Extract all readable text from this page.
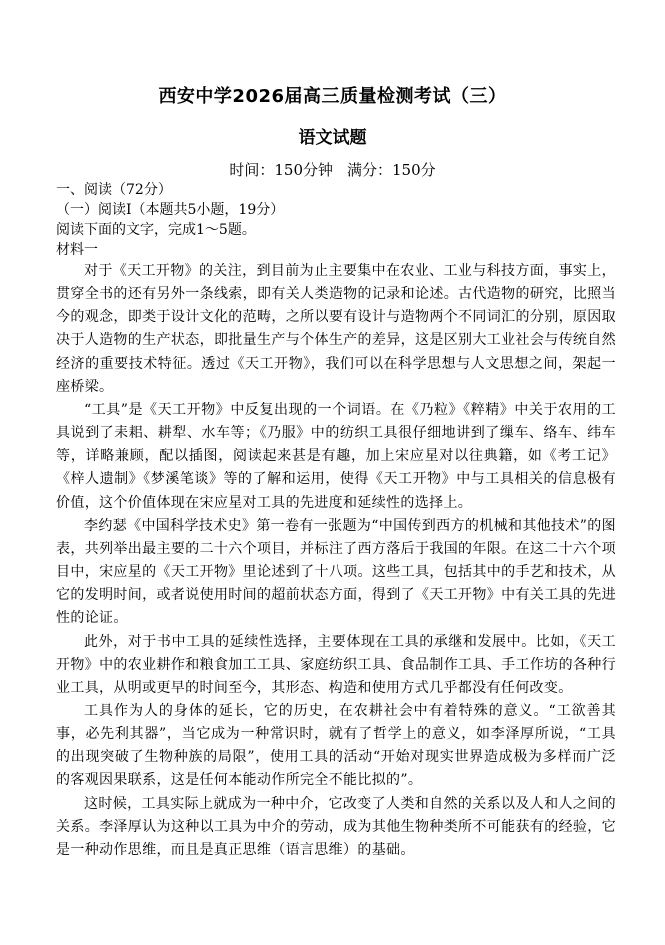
西安中学2026届高三质量检测考试（三）
语文试题
时间：150分钟 满分：150分
一、阅读（72分）
（一）阅读Ⅰ（本题共5小题，19分）
阅读下面的文字，完成1～5题。
材料一

对于《天工开物》的关注，到目前为止主要集中在农业、工业与科技方面，事实上，贯穿全书的还有另外一条线索，即有关人类造物的记录和论述。古代造物的研究，比照当今的观念，即类于设计文化的范畴，之所以要有设计与造物两个不同词汇的分别，原因取决于人造物的生产状态，即批量生产与个体生产的差异，这是区别大工业社会与传统自然经济的重要技术特征。透过《天工开物》，我们可以在科学思想与人文思想之间，架起一座桥梁。

“工具”是《天工开物》中反复出现的一个词语。在《乃粒》《粹精》中关于农用的工具说到了耒耜、耕犁、水车等；《乃服》中的纺织工具很仔细地讲到了缫车、络车、纬车等，详略兼顾，配以插图，阅读起来甚是有趣，加上宋应星对以往典籍，如《考工记》《梓人遗制》《梦溪笔谈》等的了解和运用，使得《天工开物》中与工具相关的信息极有价值，这个价值体现在宋应星对工具的先进度和延续性的选择上。

李约瑟《中国科学技术史》第一卷有一张题为“中国传到西方的机械和其他技术”的图表，共列举出最主要的二十六个项目，并标注了西方落后于我国的年限。在这二十六个项目中，宋应星的《天工开物》里论述到了十八项。这些工具，包括其中的手艺和技术，从它的发明时间，或者说使用时间的超前状态方面，得到了《天工开物》中有关工具的先进性的论证。

此外，对于书中工具的延续性选择，主要体现在工具的承继和发展中。比如，《天工开物》中的农业耕作和粮食加工工具、家庭纺织工具、食品制作工具、手工作坊的各种行业工具，从明或更早的时间至今，其形态、构造和使用方式几乎都没有任何改变。

工具作为人的身体的延长，它的历史，在农耕社会中有着特殊的意义。“工欲善其事，必先利其器”，当它成为一种常识时，就有了哲学上的意义，如李泽厚所说，“工具的出现突破了生物种族的局限”，使用工具的活动“开始对现实世界造成极为多样而广泛的客观因果联系，这是任何本能动作所完全不能比拟的”。

这时候，工具实际上就成为一种中介，它改变了人类和自然的关系以及人和人之间的关系。李泽厚认为这种以工具为中介的劳动，成为其他生物种类所不可能获有的经验，它是一种动作思维，而且是真正思维（语言思维）的基础。
